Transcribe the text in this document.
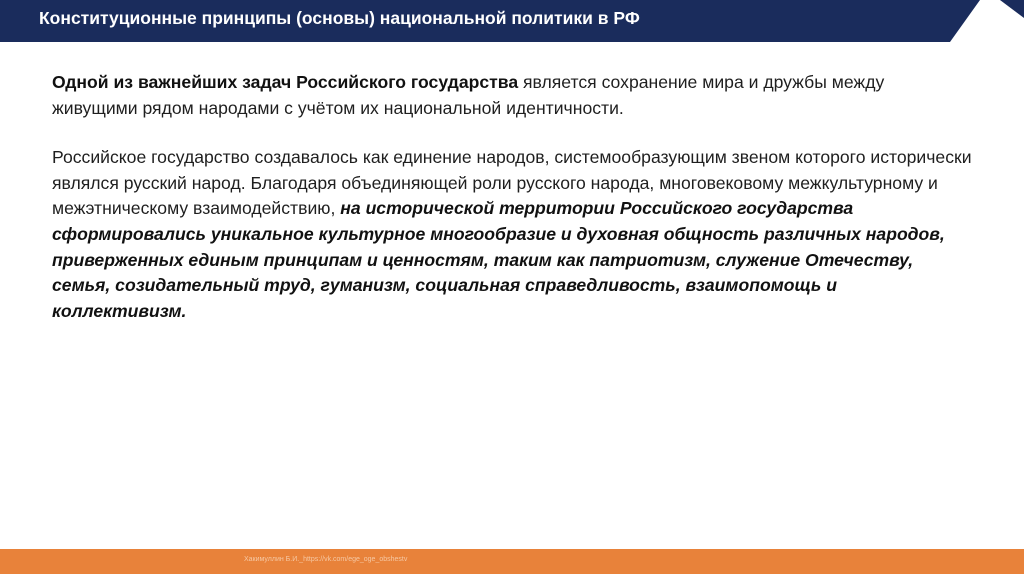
Конституционные принципы (основы) национальной политики в РФ

Одной из важнейших задач Российского государства является сохранение мира и дружбы между живущими рядом народами с учётом их национальной идентичности.

Российское государство создавалось как единение народов, системообразующим звеном которого исторически являлся русский народ. Благодаря объединяющей роли русского народа, многовековому межкультурному и межэтническому взаимодействию, на исторической территории Российского государства сформировались уникальное культурное многообразие и духовная общность различных народов, приверженных единым принципам и ценностям, таким как патриотизм, служение Отечеству, семья, созидательный труд, гуманизм, социальная справедливость, взаимопомощь и коллективизм.

Хакимуллин Б.И._https://vk.com/ege_oge_obshestv
